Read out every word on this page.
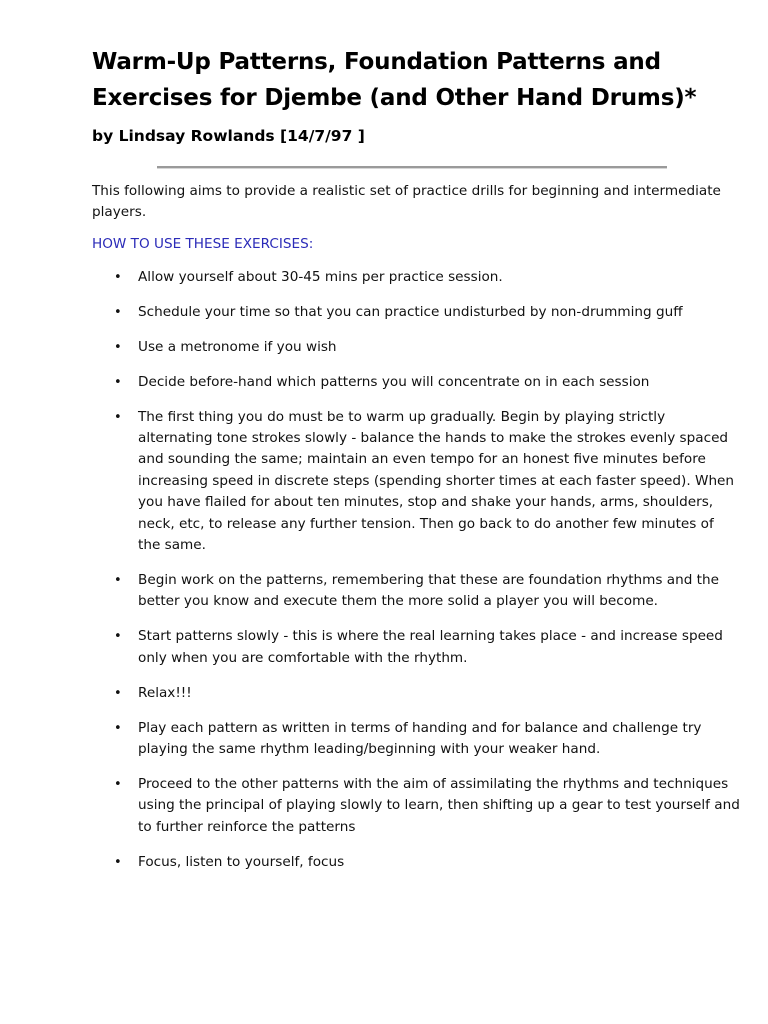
Warm-Up Patterns, Foundation Patterns and Exercises for Djembe (and Other Hand Drums)*
by Lindsay Rowlands [14/7/97 ]

This following aims to provide a realistic set of practice drills for beginning and intermediate players.

HOW TO USE THESE EXERCISES:
• Allow yourself about 30-45 mins per practice session.
• Schedule your time so that you can practice undisturbed by non-drumming guff
• Use a metronome if you wish
• Decide before-hand which patterns you will concentrate on in each session
• The first thing you do must be to warm up gradually. Begin by playing strictly alternating tone strokes slowly - balance the hands to make the strokes evenly spaced and sounding the same; maintain an even tempo for an honest five minutes before increasing speed in discrete steps (spending shorter times at each faster speed). When you have flailed for about ten minutes, stop and shake your hands, arms, shoulders, neck, etc, to release any further tension. Then go back to do another few minutes of the same.
• Begin work on the patterns, remembering that these are foundation rhythms and the better you know and execute them the more solid a player you will become.
• Start patterns slowly - this is where the real learning takes place - and increase speed only when you are comfortable with the rhythm.
• Relax!!!
• Play each pattern as written in terms of handing and for balance and challenge try playing the same rhythm leading/beginning with your weaker hand.
• Proceed to the other patterns with the aim of assimilating the rhythms and techniques using the principal of playing slowly to learn, then shifting up a gear to test yourself and to further reinforce the patterns
• Focus, listen to yourself, focus
